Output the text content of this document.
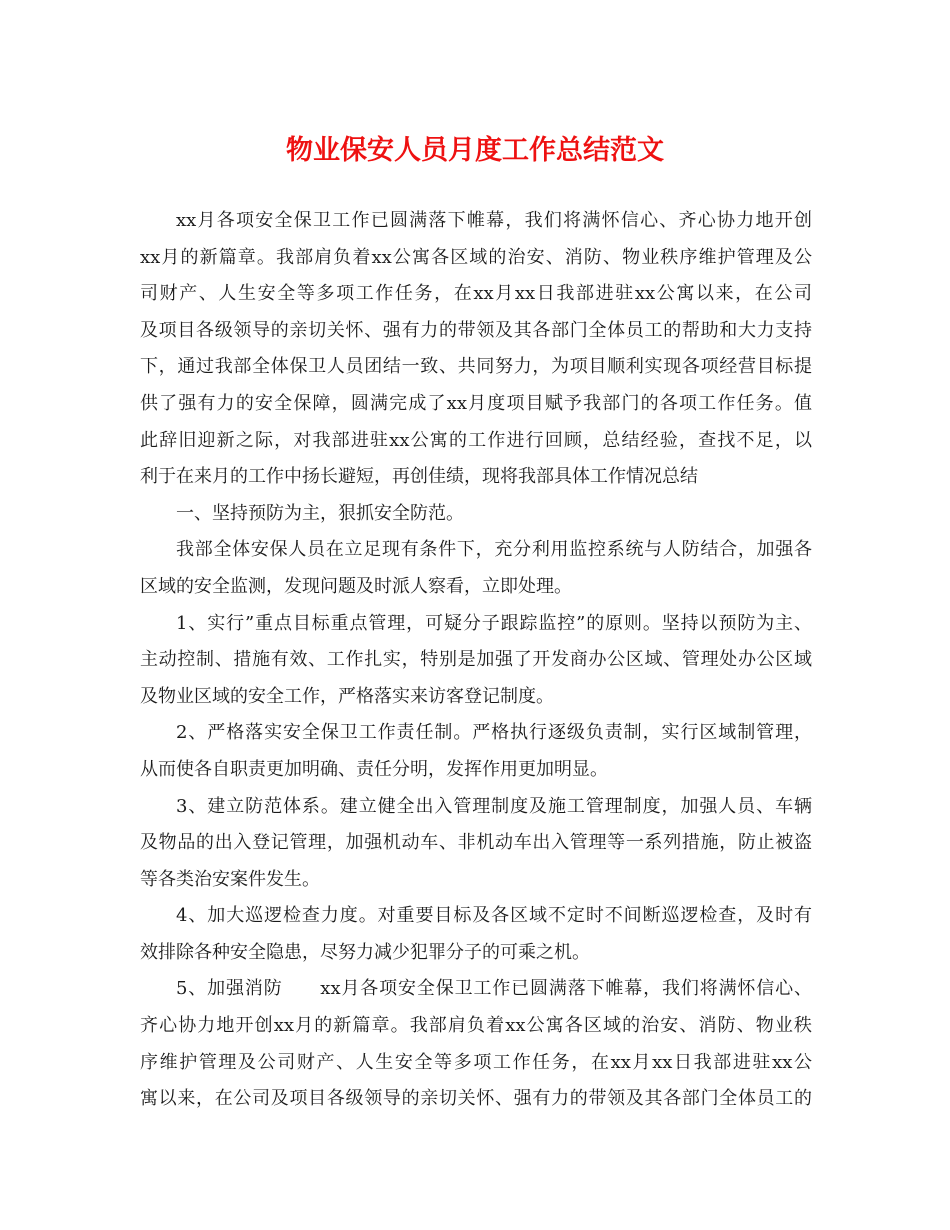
物业保安人员月度工作总结范文
xx月各项安全保卫工作已圆满落下帷幕，我们将满怀信心、齐心协力地开创
xx月的新篇章。我部肩负着xx公寓各区域的治安、消防、物业秩序维护管理及公
司财产、人生安全等多项工作任务，在xx月xx日我部进驻xx公寓以来，在公司
及项目各级领导的亲切关怀、强有力的带领及其各部门全体员工的帮助和大力支持
下，通过我部全体保卫人员团结一致、共同努力，为项目顺利实现各项经营目标提
供了强有力的安全保障，圆满完成了xx月度项目赋予我部门的各项工作任务。值
此辞旧迎新之际，对我部进驻xx公寓的工作进行回顾，总结经验，查找不足，以
利于在来月的工作中扬长避短，再创佳绩，现将我部具体工作情况总结
一、坚持预防为主，狠抓安全防范。
我部全体安保人员在立足现有条件下，充分利用监控系统与人防结合，加强各
区域的安全监测，发现问题及时派人察看，立即处理。
1、实行”重点目标重点管理，可疑分子跟踪监控”的原则。坚持以预防为主、
主动控制、措施有效、工作扎实，特别是加强了开发商办公区域、管理处办公区域
及物业区域的安全工作，严格落实来访客登记制度。
2、严格落实安全保卫工作责任制。严格执行逐级负责制，实行区域制管理，
从而使各自职责更加明确、责任分明，发挥作用更加明显。
3、建立防范体系。建立健全出入管理制度及施工管理制度，加强人员、车辆
及物品的出入登记管理，加强机动车、非机动车出入管理等一系列措施，防止被盗
等各类治安案件发生。
4、加大巡逻检查力度。对重要目标及各区域不定时不间断巡逻检查，及时有
效排除各种安全隐患，尽努力减少犯罪分子的可乘之机。
5、加强消防　　xx月各项安全保卫工作已圆满落下帷幕，我们将满怀信心、
齐心协力地开创xx月的新篇章。我部肩负着xx公寓各区域的治安、消防、物业秩
序维护管理及公司财产、人生安全等多项工作任务，在xx月xx日我部进驻xx公
寓以来，在公司及项目各级领导的亲切关怀、强有力的带领及其各部门全体员工的
